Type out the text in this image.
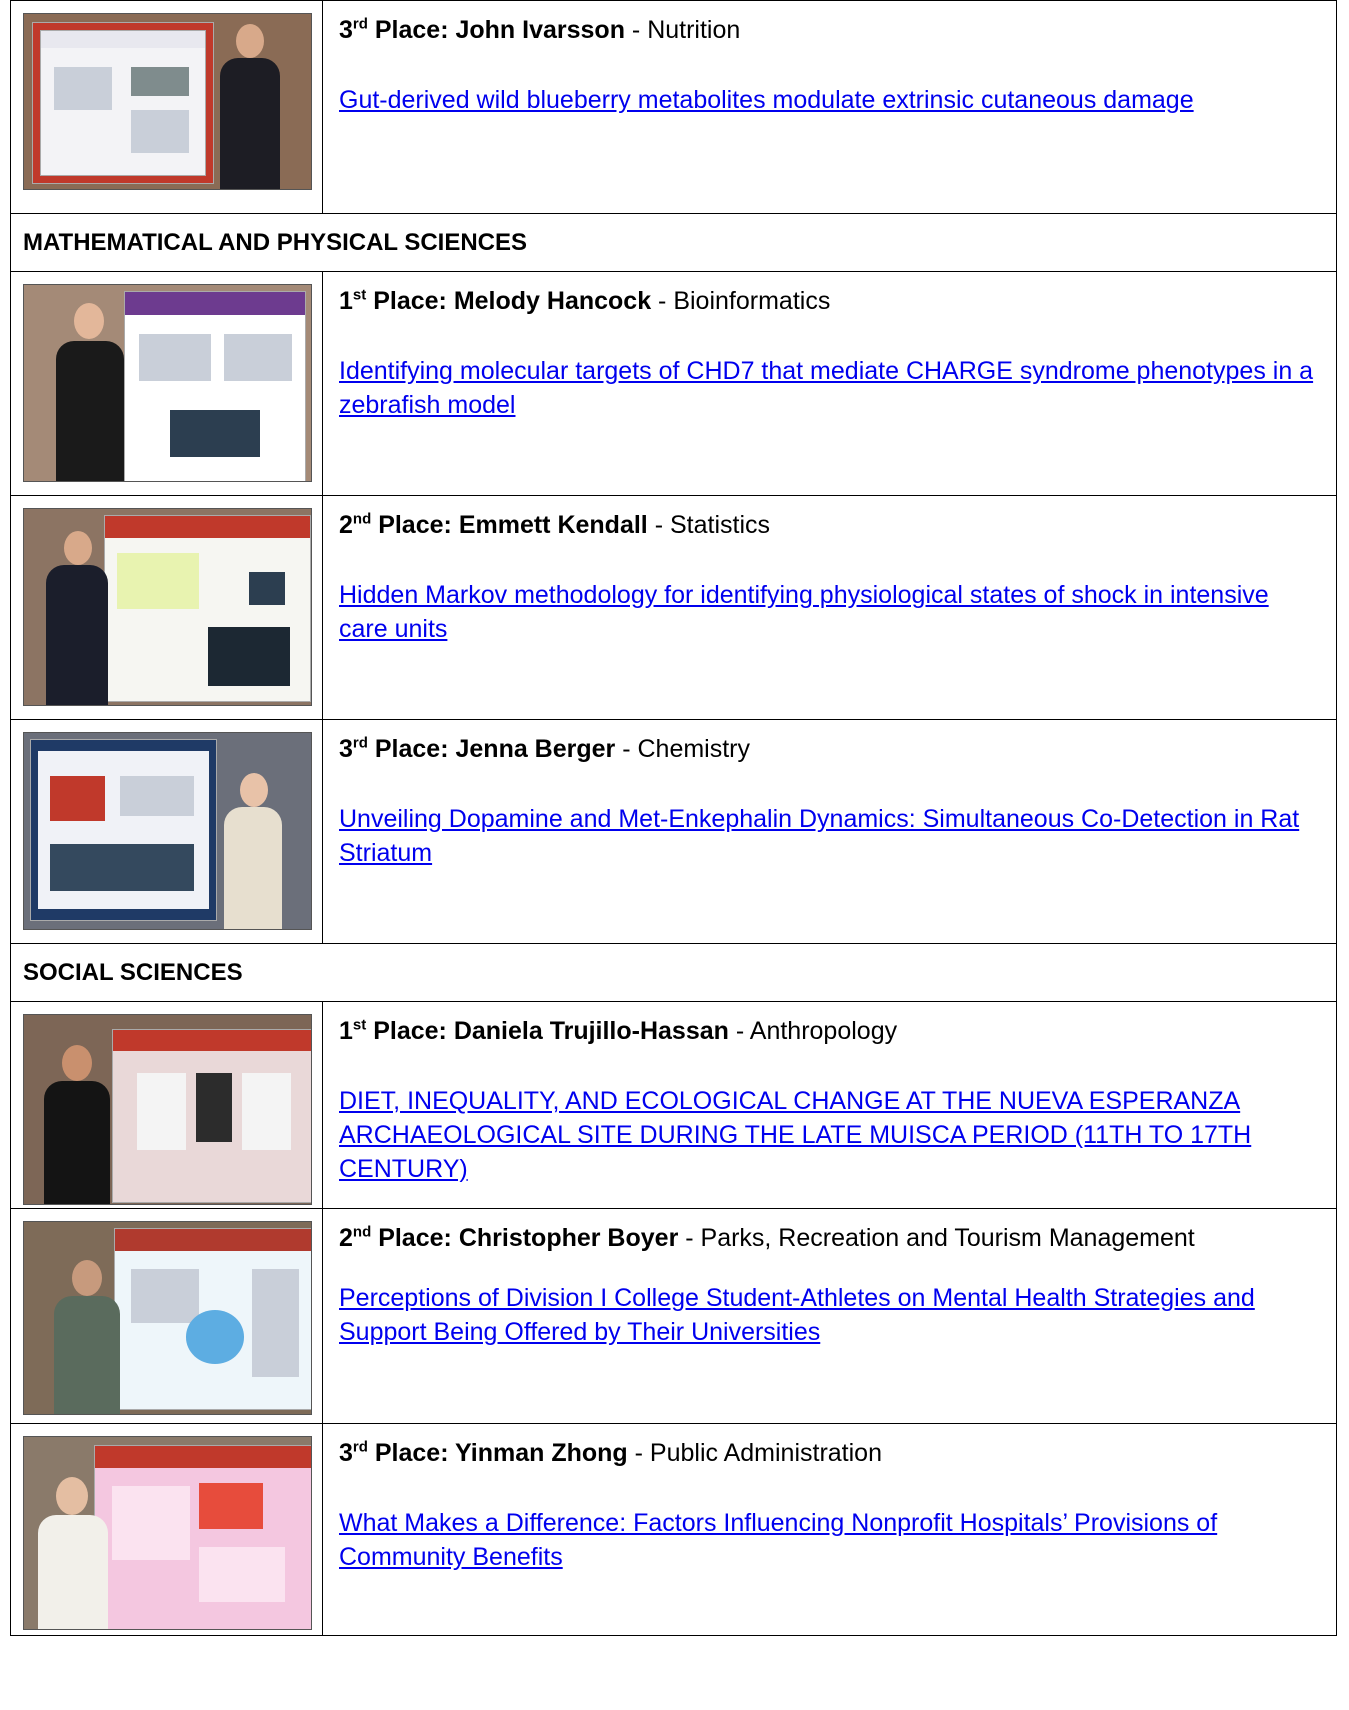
	3rd Place: John Ivarsson - Nutrition

Gut-derived wild blueberry metabolites modulate extrinsic cutaneous damage

MATHEMATICAL AND PHYSICAL SCIENCES	

	1st Place: Melody Hancock - Bioinformatics

Identifying molecular targets of CHD7 that mediate CHARGE syndrome phenotypes in a zebrafish model

	2nd Place: Emmett Kendall - Statistics

Hidden Markov methodology for identifying physiological states of shock in intensive care units

	3rd Place: Jenna Berger - Chemistry

Unveiling Dopamine and Met-Enkephalin Dynamics: Simultaneous Co-Detection in Rat Striatum

SOCIAL SCIENCES	

	1st Place: Daniela Trujillo-Hassan - Anthropology

DIET, INEQUALITY, AND ECOLOGICAL CHANGE AT THE NUEVA ESPERANZA ARCHAEOLOGICAL SITE DURING THE LATE MUISCA PERIOD (11TH TO 17TH CENTURY)

	2nd Place: Christopher Boyer - Parks, Recreation and Tourism Management

Perceptions of Division I College Student-Athletes on Mental Health Strategies and Support Being Offered by Their Universities

	3rd Place: Yinman Zhong - Public Administration

What Makes a Difference: Factors Influencing Nonprofit Hospitals’ Provisions of Community Benefits
